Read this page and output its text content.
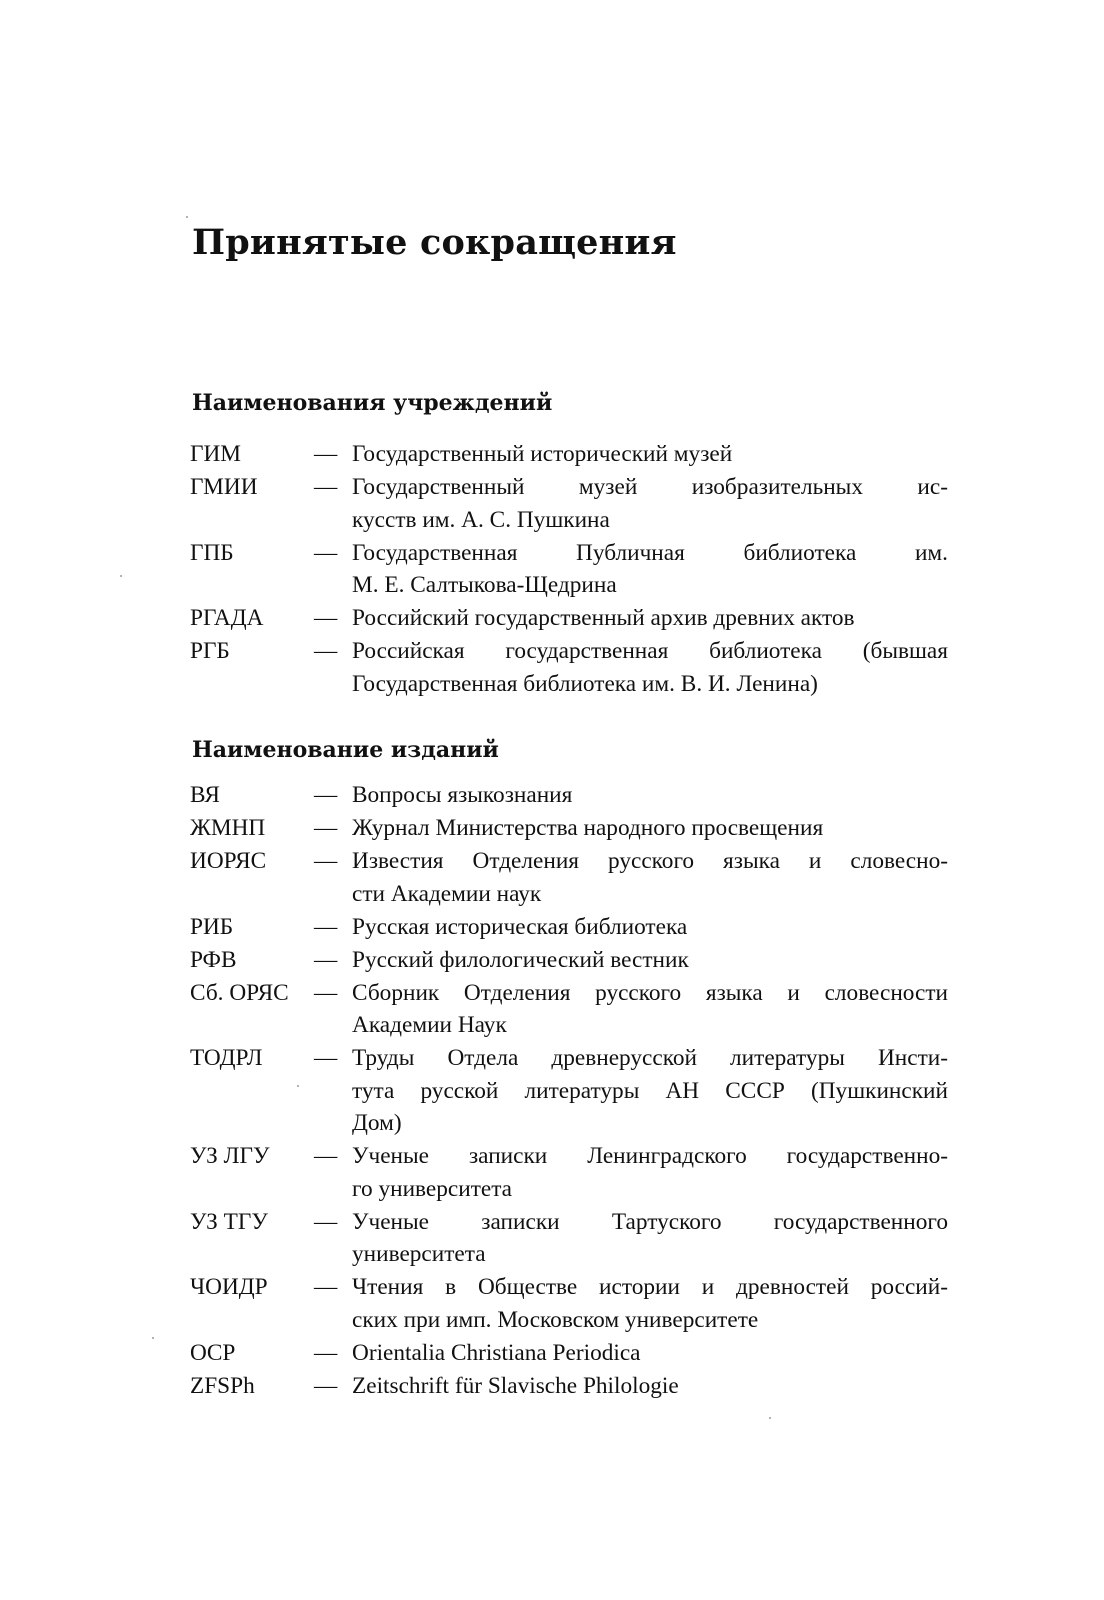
Принятые сокращения
Наименования учреждений
ГИМ	— Государственный исторический музей
ГМИИ	— Государственный музей изобразительных ис-
кусств им. А. С. Пушкина
ГПБ	— Государственная Публичная библиотека им.
М. Е. Салтыкова-Щедрина
РГАДА	— Российский государственный архив древних актов
РГБ	— Российская государственная библиотека (бывшая
Государственная библиотека им. В. И. Ленина)
Наименование изданий
ВЯ	— Вопросы языкознания
ЖМНП	— Журнал Министерства народного просвещения
ИОРЯС	— Известия Отделения русского языка и словесно-
сти Академии наук
РИБ	— Русская историческая библиотека
РФВ	— Русский филологический вестник
Сб. ОРЯС	— Сборник Отделения русского языка и словесности
Академии Наук
ТОДРЛ	— Труды Отдела древнерусской литературы Инсти-
тута русской литературы АН СССР (Пушкинский
Дом)
УЗ ЛГУ	— Ученые записки Ленинградского государственно-
го университета
УЗ ТГУ	— Ученые записки Тартуского государственного
университета
ЧОИДР	— Чтения в Обществе истории и древностей россий-
ских при имп. Московском университете
OCP	— Orientalia Christiana Periodica
ZFSPh	— Zeitschrift für Slavische Philologie
